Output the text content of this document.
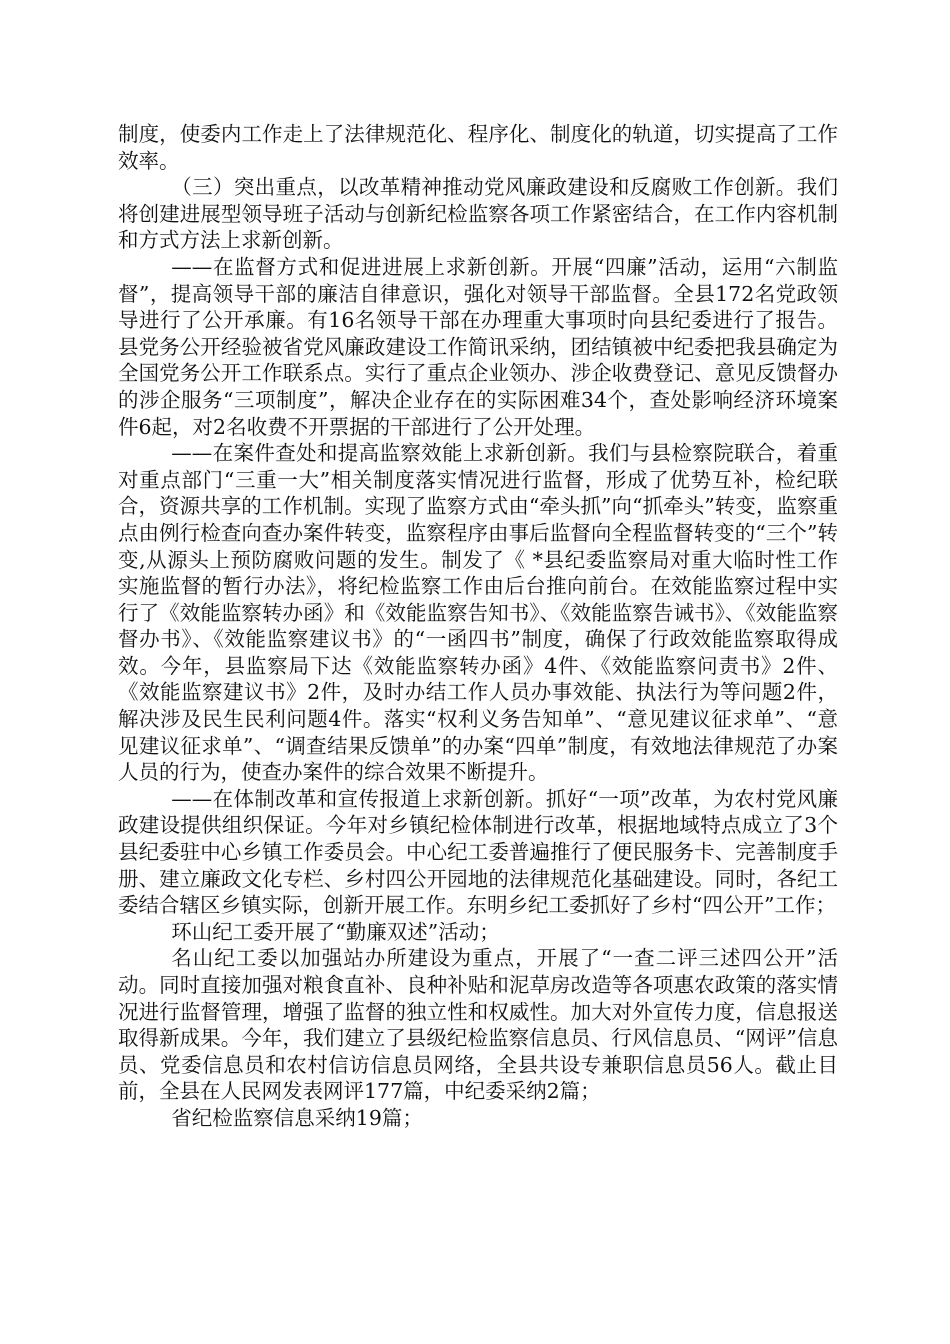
制度，使委内工作走上了法律规范化、程序化、制度化的轨道，切实提高了工作效率。

（三）突出重点，以改革精神推动党风廉政建设和反腐败工作创新。我们将创建进展型领导班子活动与创新纪检监察各项工作紧密结合，在工作内容机制和方式方法上求新创新。

——在监督方式和促进进展上求新创新。开展“四廉”活动，运用“六制监督”，提高领导干部的廉洁自律意识，强化对领导干部监督。全县172名党政领导进行了公开承廉。有16名领导干部在办理重大事项时向县纪委进行了报告。县党务公开经验被省党风廉政建设工作简讯采纳，团结镇被中纪委把我县确定为全国党务公开工作联系点。实行了重点企业领办、涉企收费登记、意见反馈督办的涉企服务“三项制度”，解决企业存在的实际困难34个，查处影响经济环境案件6起，对2名收费不开票据的干部进行了公开处理。

——在案件查处和提高监察效能上求新创新。我们与县检察院联合，着重对重点部门“三重一大”相关制度落实情况进行监督，形成了优势互补，检纪联合，资源共享的工作机制。实现了监察方式由“牵头抓”向“抓牵头”转变，监察重点由例行检查向查办案件转变，监察程序由事后监督向全程监督转变的“三个”转变,从源头上预防腐败问题的发生。制发了《 *县纪委监察局对重大临时性工作实施监督的暂行办法》，将纪检监察工作由后台推向前台。在效能监察过程中实行了《效能监察转办函》和《效能监察告知书》、《效能监察告诫书》、《效能监察督办书》、《效能监察建议书》的“一函四书”制度，确保了行政效能监察取得成效。今年，县监察局下达《效能监察转办函》4件、《效能监察问责书》2件、《效能监察建议书》2件，及时办结工作人员办事效能、执法行为等问题2件，解决涉及民生民利问题4件。落实“权利义务告知单”、“意见建议征求单”、“意见建议征求单”、“调查结果反馈单”的办案“四单”制度，有效地法律规范了办案人员的行为，使查办案件的综合效果不断提升。

——在体制改革和宣传报道上求新创新。抓好“一项”改革，为农村党风廉政建设提供组织保证。今年对乡镇纪检体制进行改革，根据地域特点成立了3个县纪委驻中心乡镇工作委员会。中心纪工委普遍推行了便民服务卡、完善制度手册、建立廉政文化专栏、乡村四公开园地的法律规范化基础建设。同时，各纪工委结合辖区乡镇实际，创新开展工作。东明乡纪工委抓好了乡村“四公开”工作；

环山纪工委开展了“勤廉双述”活动；

名山纪工委以加强站办所建设为重点，开展了“一查二评三述四公开”活动。同时直接加强对粮食直补、良种补贴和泥草房改造等各项惠农政策的落实情况进行监督管理，增强了监督的独立性和权威性。加大对外宣传力度，信息报送取得新成果。今年，我们建立了县级纪检监察信息员、行风信息员、“网评”信息员、党委信息员和农村信访信息员网络，全县共设专兼职信息员56人。截止目前，全县在人民网发表网评177篇，中纪委采纳2篇；

省纪检监察信息采纳19篇；
